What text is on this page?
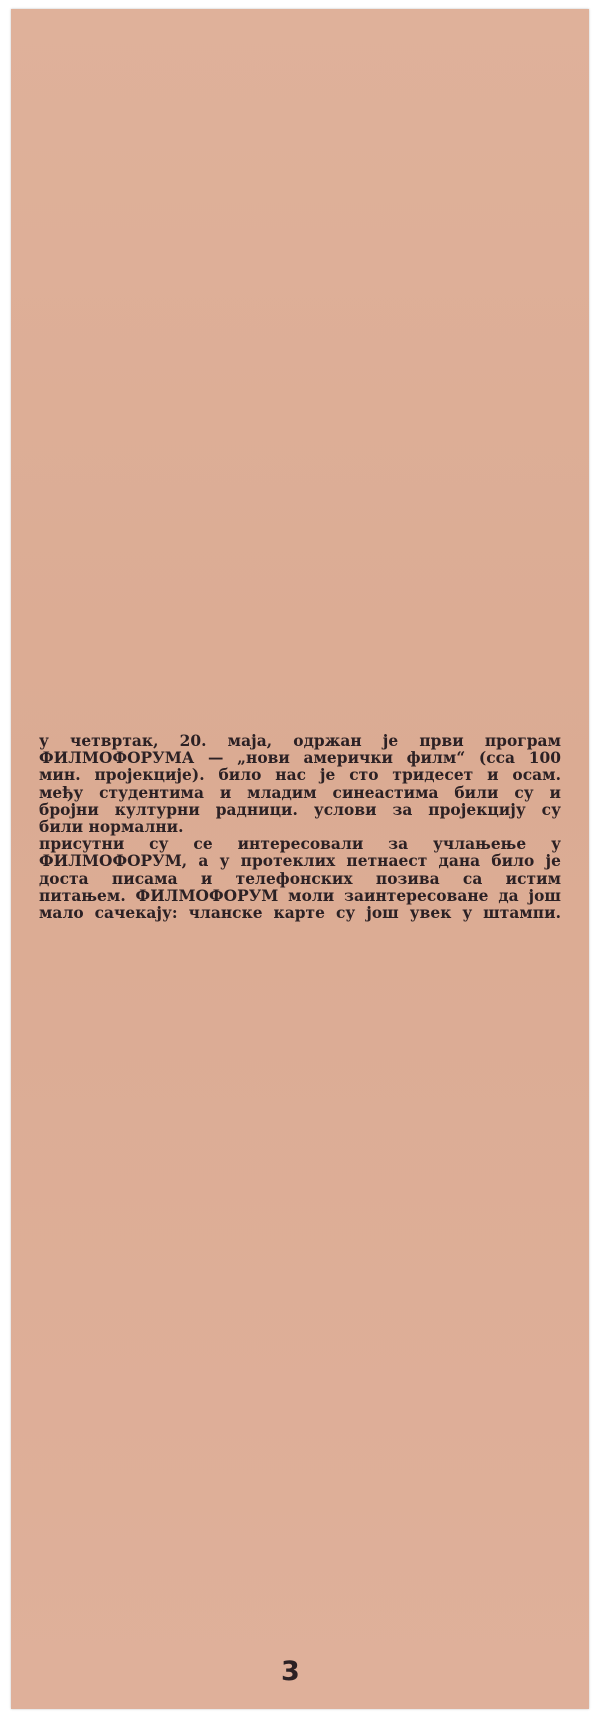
у четвртак, 20. маја, одржан је први програм
ФИЛМОФОРУМА — „нови амерички филм“ (сса 100
мин. пројекције). било нас је сто тридесет и осам.
међу студентима и младим синеастима били су и
бројни културни радници. услови за пројекцију су
били нормални.

присутни су се интересовали за учлањење у
ФИЛМОФОРУМ, а у протеклих петнаест дана било је
доста писама и телефонских позива са истим
питањем. ФИЛМОФОРУМ моли заинтересоване да још
мало сачекају: чланске карте су још увек у штампи.

3
